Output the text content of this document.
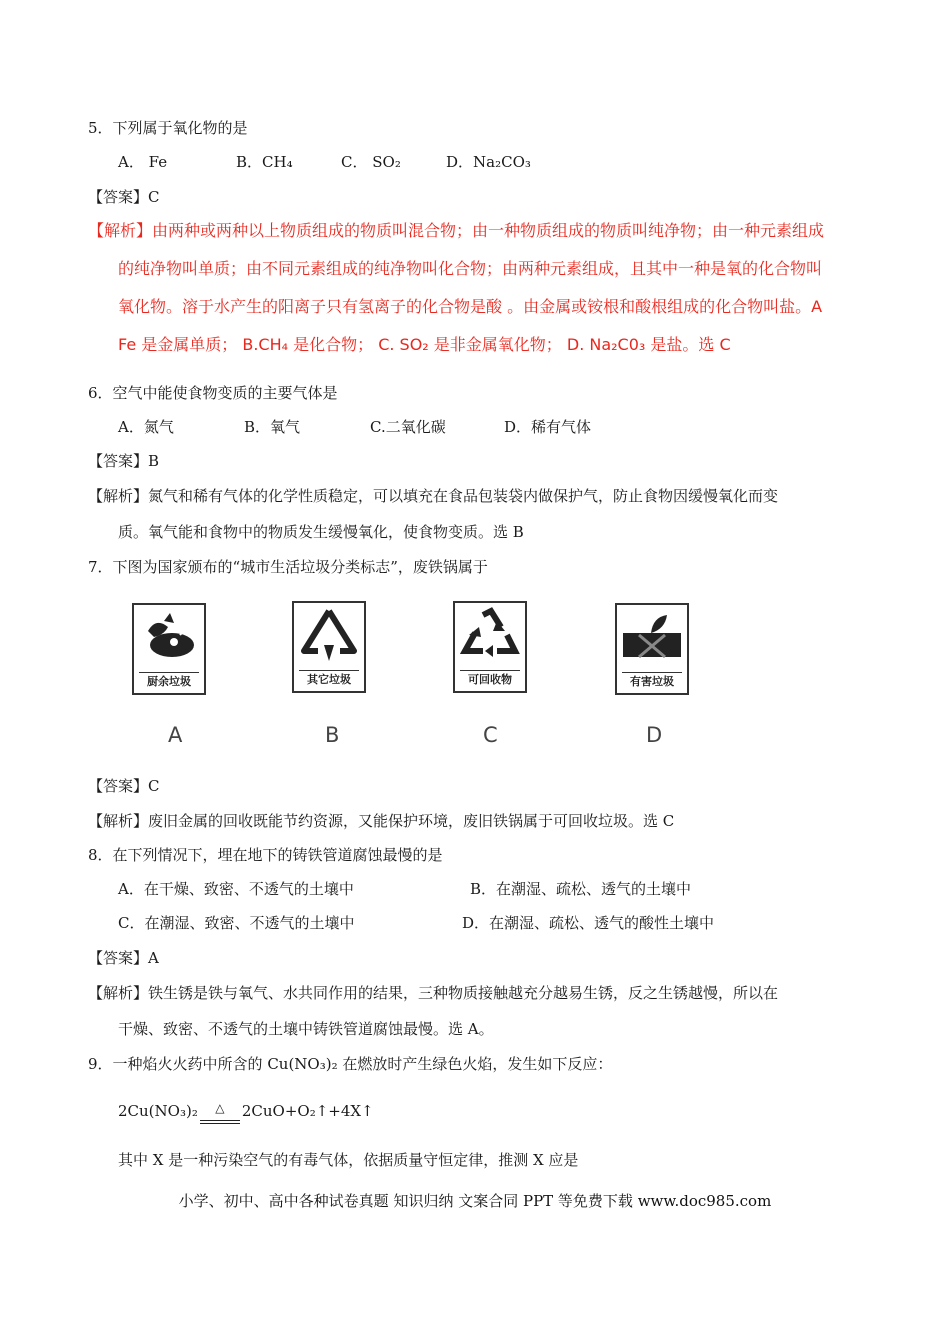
5．下列属于氧化物的是
A． Fe	B．CH₄	C． SO₂	D．Na₂CO₃
【答案】C
【解析】由两种或两种以上物质组成的物质叫混合物；由一种物质组成的物质叫纯净物；由一种元素组成
的纯净物叫单质；由不同元素组成的纯净物叫化合物；由两种元素组成，且其中一种是氧的化合物叫
氧化物。溶于水产生的阳离子只有氢离子的化合物是酸 。由金属或铵根和酸根组成的化合物叫盐。A
Fe 是金属单质； B.CH₄ 是化合物； C. SO₂ 是非金属氧化物； D. Na₂C0₃ 是盐。选 C
6．空气中能使食物变质的主要气体是
A．氮气	B．氧气	C.二氧化碳	D．稀有气体
【答案】B
【解析】氮气和稀有气体的化学性质稳定，可以填充在食品包装袋内做保护气，防止食物因缓慢氧化而变
质。氧气能和食物中的物质发生缓慢氧化，使食物变质。选 B
7．下图为国家颁布的“城市生活垃圾分类标志”，废铁锅属于
厨余垃圾	其它垃圾	可回收物	有害垃圾
A	B	C	D
【答案】C
【解析】废旧金属的回收既能节约资源，又能保护环境，废旧铁锅属于可回收垃圾。选 C
8．在下列情况下，埋在地下的铸铁管道腐蚀最慢的是
A．在干燥、致密、不透气的土壤中	B．在潮湿、疏松、透气的土壤中
C．在潮湿、致密、不透气的土壤中	D．在潮湿、疏松、透气的酸性土壤中
【答案】A
【解析】铁生锈是铁与氧气、水共同作用的结果，三种物质接触越充分越易生锈，反之生锈越慢，所以在
干燥、致密、不透气的土壤中铸铁管道腐蚀最慢。选 A。
9．一种焰火火药中所含的 Cu(NO₃)₂ 在燃放时产生绿色火焰，发生如下反应：
2Cu(NO₃)₂ △ 2CuO+O₂↑+4X↑
其中 X 是一种污染空气的有毒气体，依据质量守恒定律，推测 X 应是
小学、初中、高中各种试卷真题 知识归纳 文案合同 PPT 等免费下载 www.doc985.com
